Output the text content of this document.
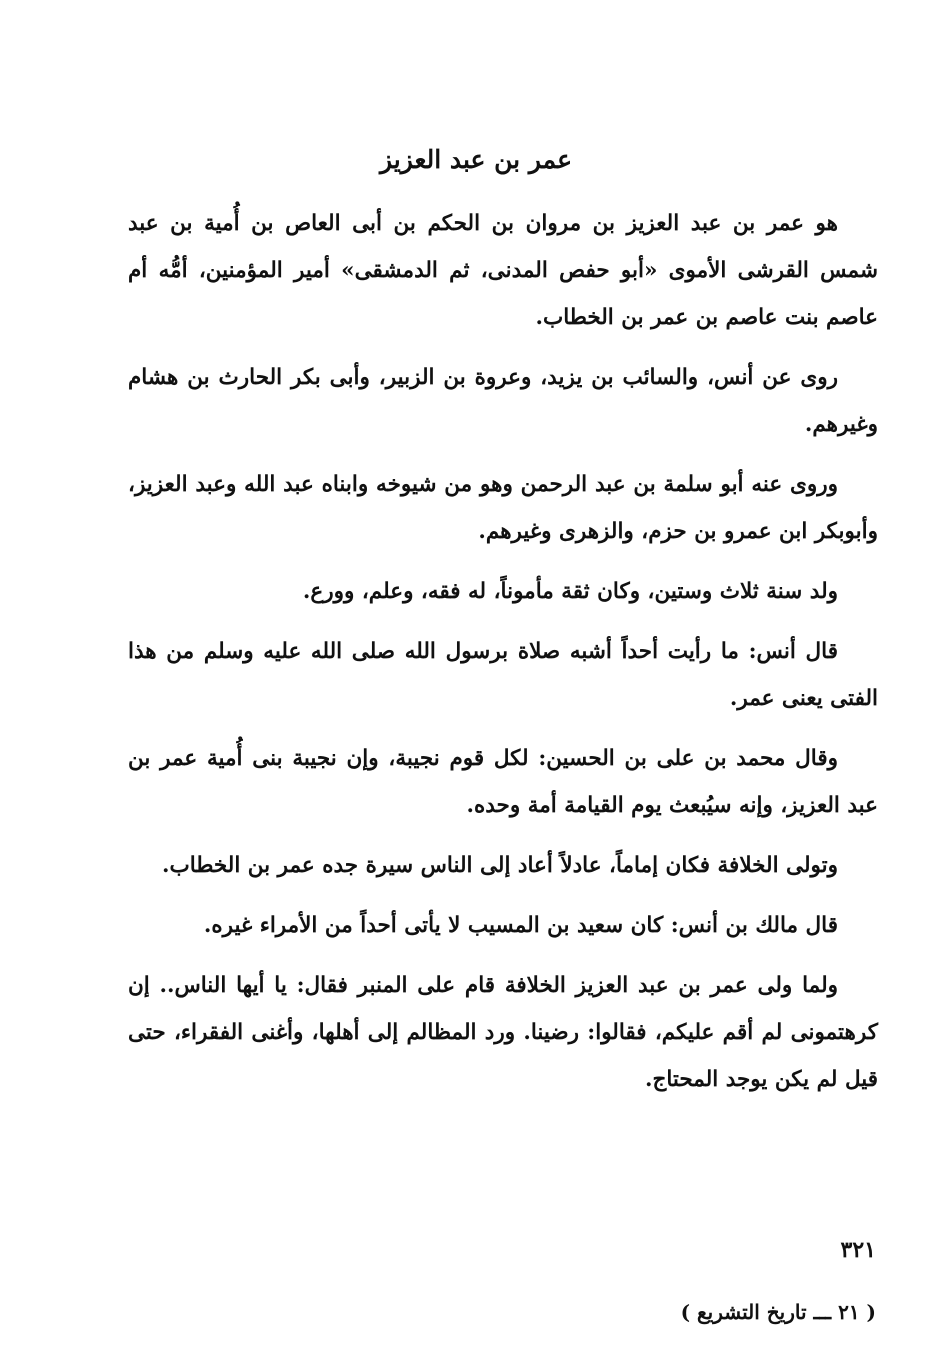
عمر بن عبد العزيز

هو عمر بن عبد العزيز بن مروان بن الحكم بن أبى العاص بن أُمية بن عبد شمس القرشى الأموى «أبو حفص المدنى، ثم الدمشقى» أمير المؤمنين، أمُّه أم عاصم بنت عاصم بن عمر بن الخطاب.

روى عن أنس، والسائب بن يزيد، وعروة بن الزبير، وأبى بكر الحارث بن هشام وغيرهم.

وروى عنه أبو سلمة بن عبد الرحمن وهو من شيوخه وابناه عبد الله وعبد العزيز، وأبوبكر ابن عمرو بن حزم، والزهرى وغيرهم.

ولد سنة ثلاث وستين، وكان ثقة مأموناً، له فقه، وعلم، وورع.

قال أنس: ما رأيت أحداً أشبه صلاة برسول الله صلى الله عليه وسلم من هذا الفتى يعنى عمر.

وقال محمد بن على بن الحسين: لكل قوم نجيبة، وإن نجيبة بنى أُمية عمر بن عبد العزيز، وإنه سيُبعث يوم القيامة أمة وحده.

وتولى الخلافة فكان إماماً، عادلاً أعاد إلى الناس سيرة جده عمر بن الخطاب.

قال مالك بن أنس: كان سعيد بن المسيب لا يأتى أحداً من الأمراء غيره.

ولما ولى عمر بن عبد العزيز الخلافة قام على المنبر فقال: يا أيها الناس.. إن كرهتمونى لم أقم عليكم، فقالوا: رضينا. ورد المظالم إلى أهلها، وأغنى الفقراء، حتى قيل لم يكن يوجد المحتاج.

٣٢١

( ٢١ ـــ تاريخ التشريع )
